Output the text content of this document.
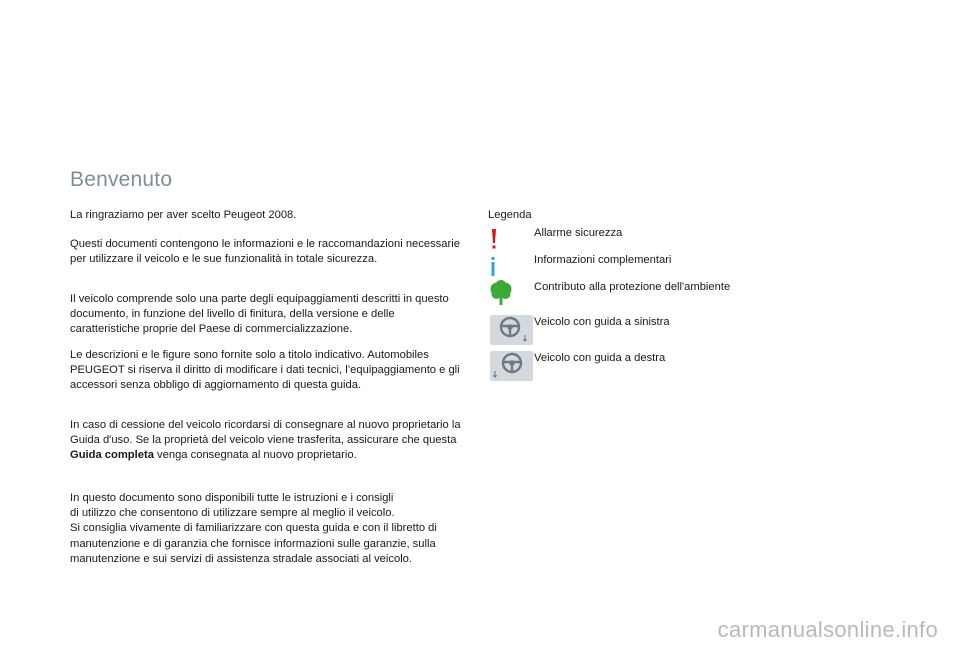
Benvenuto

La ringraziamo per aver scelto Peugeot 2008.

Questi documenti contengono le informazioni e le raccomandazioni necessarie per utilizzare il veicolo e le sue funzionalità in totale sicurezza.

Il veicolo comprende solo una parte degli equipaggiamenti descritti in questo documento, in funzione del livello di finitura, della versione e delle caratteristiche proprie del Paese di commercializzazione.

Le descrizioni e le figure sono fornite solo a titolo indicativo. Automobiles PEUGEOT si riserva il diritto di modificare i dati tecnici, l’equipaggiamento e gli accessori senza obbligo di aggiornamento di questa guida.

In caso di cessione del veicolo ricordarsi di consegnare al nuovo proprietario la Guida d'uso. Se la proprietà del veicolo viene trasferita, assicurare che questa Guida completa venga consegnata al nuovo proprietario.

In questo documento sono disponibili tutte le istruzioni e i consigli
di utilizzo che consentono di utilizzare sempre al meglio il veicolo.
Si consiglia vivamente di familiarizzare con questa guida e con il libretto di manutenzione e di garanzia che fornisce informazioni sulle garanzie, sulla manutenzione e sui servizi di assistenza stradale associati al veicolo.

Legenda
Allarme sicurezza
Informazioni complementari
Contributo alla protezione dell'ambiente
Veicolo con guida a sinistra
Veicolo con guida a destra
carmanualsonline.info
